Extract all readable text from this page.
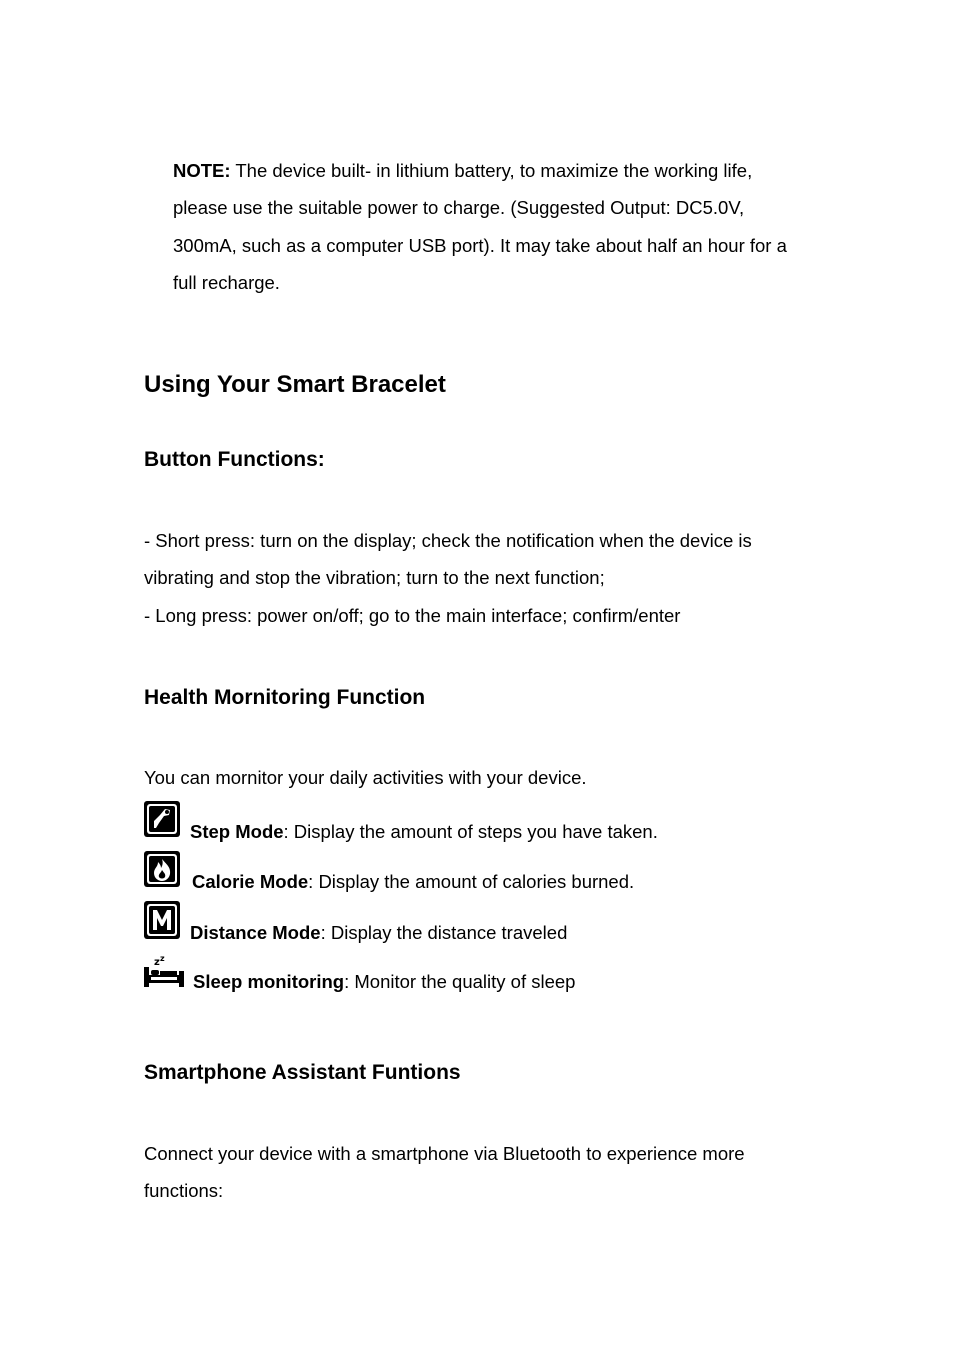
NOTE: The device built- in lithium battery, to maximize the working life,
please use the suitable power to charge. (Suggested Output: DC5.0V,
300mA, such as a computer USB port). It may take about half an hour for a
full recharge.
Using Your Smart Bracelet
Button Functions:
- Short press: turn on the display; check the notification when the device is
vibrating and stop the vibration; turn to the next function;
- Long press: power on/off; go to the main interface; confirm/enter
Health Mornitoring Function
You can mornitor your daily activities with your device.
Step Mode: Display the amount of steps you have taken.
Calorie Mode: Display the amount of calories burned.
Distance Mode: Display the distance traveled
z z
Sleep monitoring: Monitor the quality of sleep
Smartphone Assistant Funtions
Connect your device with a smartphone via Bluetooth to experience more
functions:
